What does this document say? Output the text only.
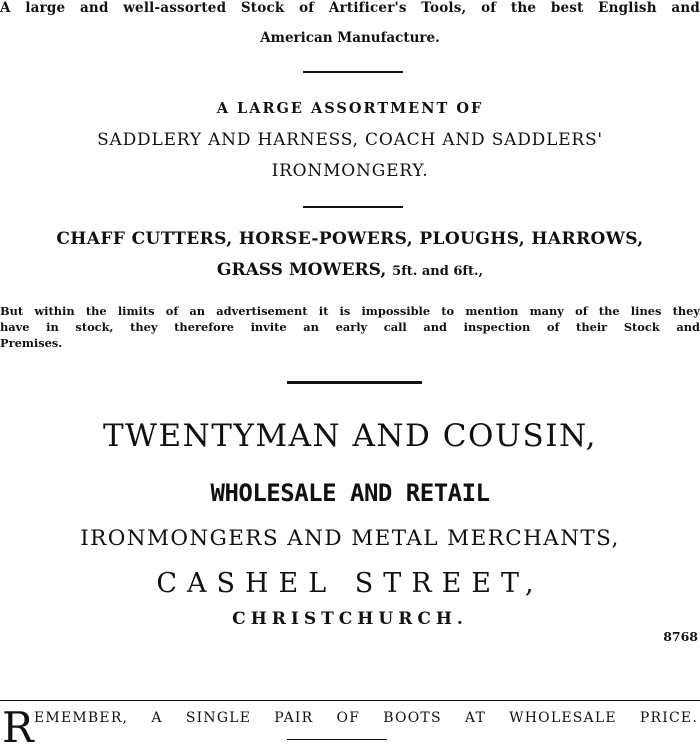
A large and well-assorted Stock of Artificer's Tools, of the best English and
American Manufacture.
A LARGE ASSORTMENT OF
SADDLERY AND HARNESS, COACH AND SADDLERS'
IRONMONGERY.
CHAFF CUTTERS, HORSE-POWERS, PLOUGHS, HARROWS,
GRASS MOWERS, 5ft. and 6ft.,
But within the limits of an advertisement it is impossible to mention many of the lines they
have in stock, they therefore invite an early call and inspection of their Stock and
Premises.
TWENTYMAN AND COUSIN,
WHOLESALE AND RETAIL
IRONMONGERS AND METAL MERCHANTS,
CASHEL STREET,
CHRISTCHURCH.
8768
R EMEMBER, A SINGLE PAIR OF BOOTS AT WHOLESALE PRICE.
